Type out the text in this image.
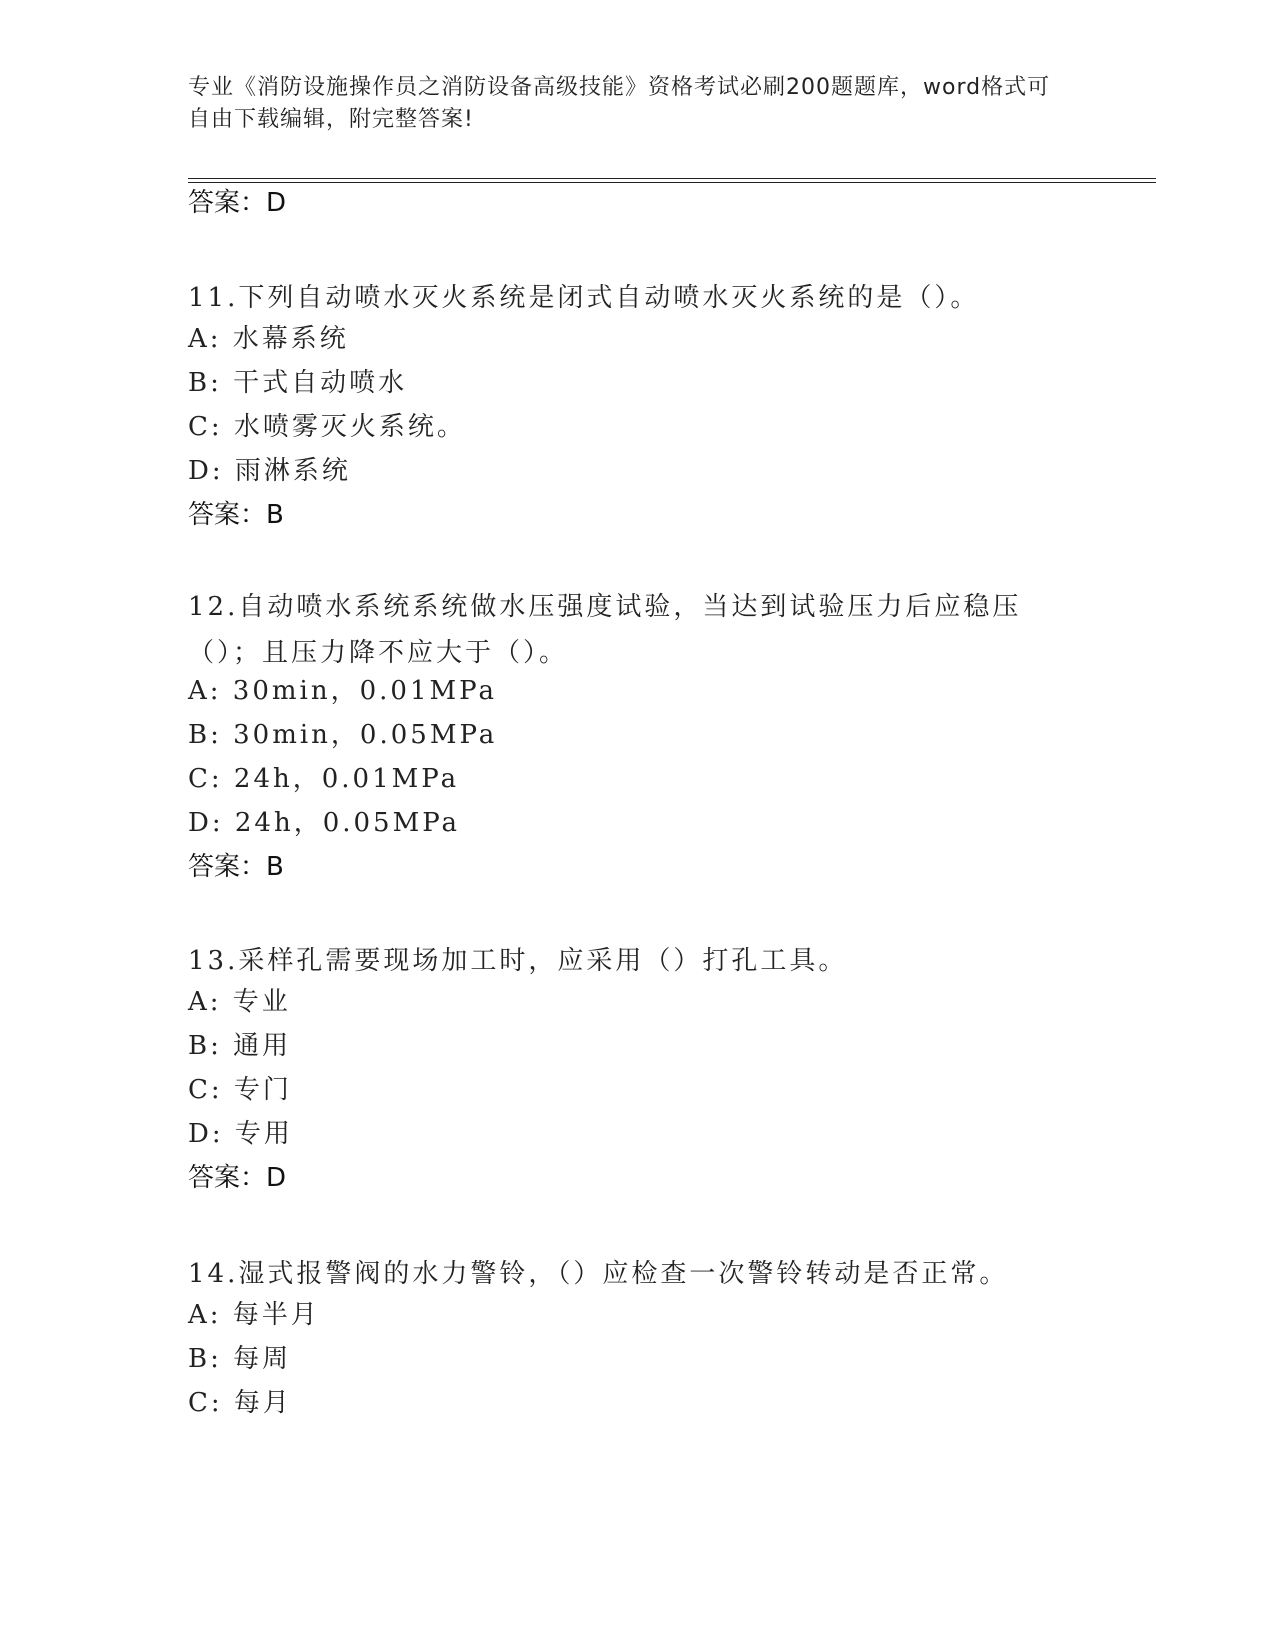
专业《消防设施操作员之消防设备高级技能》资格考试必刷200题题库，word格式可自由下载编辑，附完整答案!
答案：D
11.下列自动喷水灭火系统是闭式自动喷水灭火系统的是（）。
A: 水幕系统
B: 干式自动喷水
C: 水喷雾灭火系统。
D: 雨淋系统
答案：B
12.自动喷水系统系统做水压强度试验，当达到试验压力后应稳压（）；且压力降不应大于（）。
A: 30min，0.01MPa
B: 30min，0.05MPa
C: 24h，0.01MPa
D: 24h，0.05MPa
答案：B
13.采样孔需要现场加工时，应采用（）打孔工具。
A: 专业
B: 通用
C: 专门
D: 专用
答案：D
14.湿式报警阀的水力警铃，（）应检查一次警铃转动是否正常。
A: 每半月
B: 每周
C: 每月
